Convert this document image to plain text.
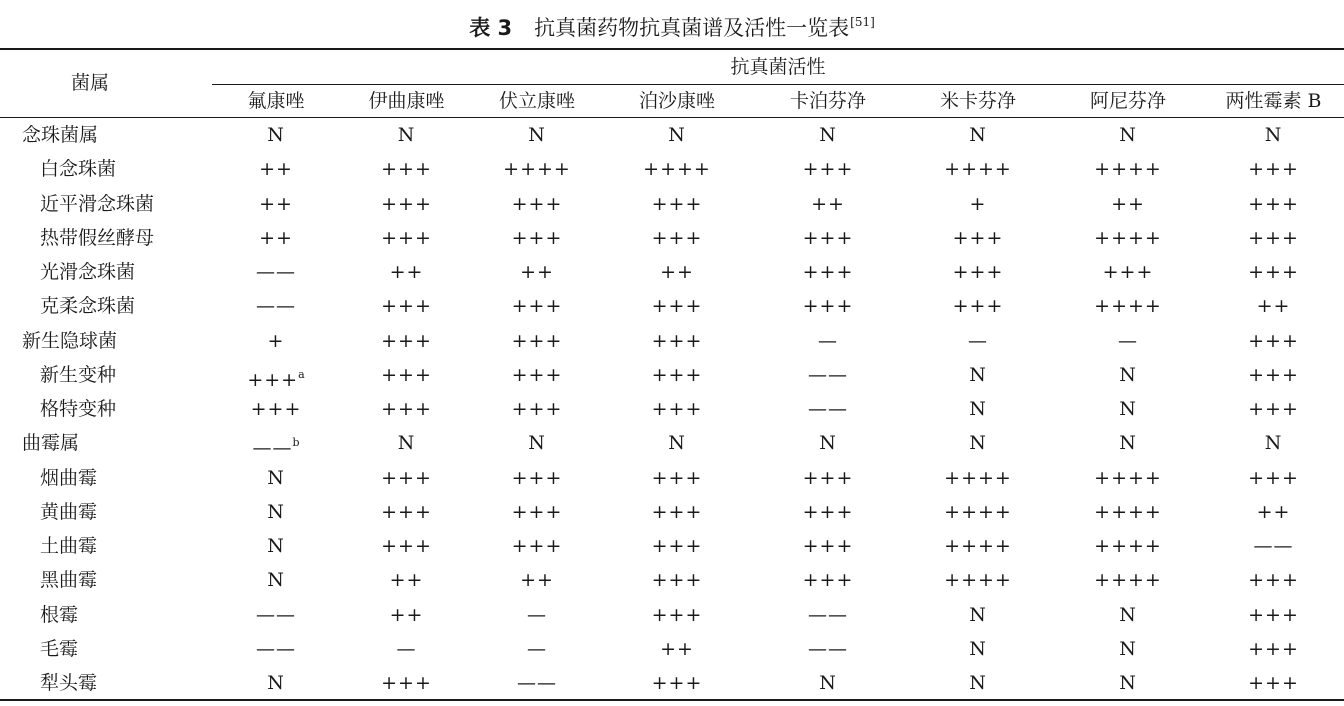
表 3 抗真菌药物抗真菌谱及活性一览表[51]
菌属
抗真菌活性
氟康唑	伊曲康唑	伏立康唑	泊沙康唑	卡泊芬净	米卡芬净	阿尼芬净	两性霉素 B
念珠菌属	N	N	N	N	N	N	N	N
白念珠菌	++	+++	++++	++++	+++	++++	++++	+++
近平滑念珠菌	++	+++	+++	+++	++	+	++	+++
热带假丝酵母	++	+++	+++	+++	+++	+++	++++	+++
光滑念珠菌	——	++	++	++	+++	+++	+++	+++
克柔念珠菌	——	+++	+++	+++	+++	+++	++++	++
新生隐球菌	+	+++	+++	+++	—	—	—	+++
新生变种	+++$^a$	+++	+++	+++	——	N	N	+++
格特变种	+++	+++	+++	+++	——	N	N	+++
曲霉属	——$^b$	N	N	N	N	N	N	N
烟曲霉	N	+++	+++	+++	+++	++++	++++	+++
黄曲霉	N	+++	+++	+++	+++	++++	++++	++
土曲霉	N	+++	+++	+++	+++	++++	++++	——
黑曲霉	N	++	++	+++	+++	++++	++++	+++
根霉	——	++	—	+++	——	N	N	+++
毛霉	——	—	—	++	——	N	N	+++
犁头霉	N	+++	——	+++	N	N	N	+++
